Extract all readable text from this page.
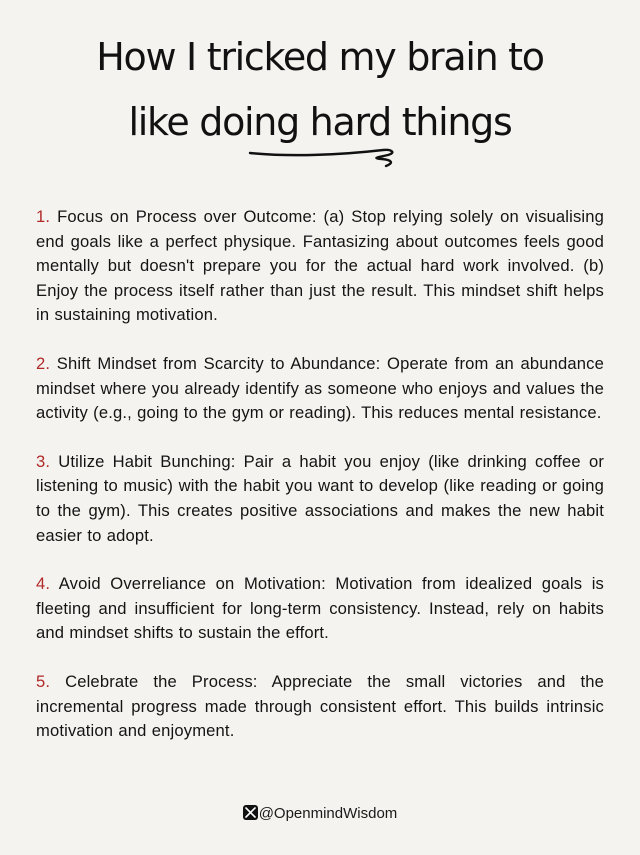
How I tricked my brain to
like doing hard things

1. Focus on Process over Outcome: (a) Stop relying solely on visualising end goals like a perfect physique. Fantasizing about outcomes feels good mentally but doesn't prepare you for the actual hard work involved. (b) Enjoy the process itself rather than just the result. This mindset shift helps in sustaining motivation.

2. Shift Mindset from Scarcity to Abundance: Operate from an abundance mindset where you already identify as someone who enjoys and values the activity (e.g., going to the gym or reading). This reduces mental resistance.

3. Utilize Habit Bunching: Pair a habit you enjoy (like drinking coffee or listening to music) with the habit you want to develop (like reading or going to the gym). This creates positive associations and makes the new habit easier to adopt.

4. Avoid Overreliance on Motivation: Motivation from idealized goals is fleeting and insufficient for long-term consistency. Instead, rely on habits and mindset shifts to sustain the effort.

5. Celebrate the Process: Appreciate the small victories and the incremental progress made through consistent effort. This builds intrinsic motivation and enjoyment.

@OpenmindWisdom
